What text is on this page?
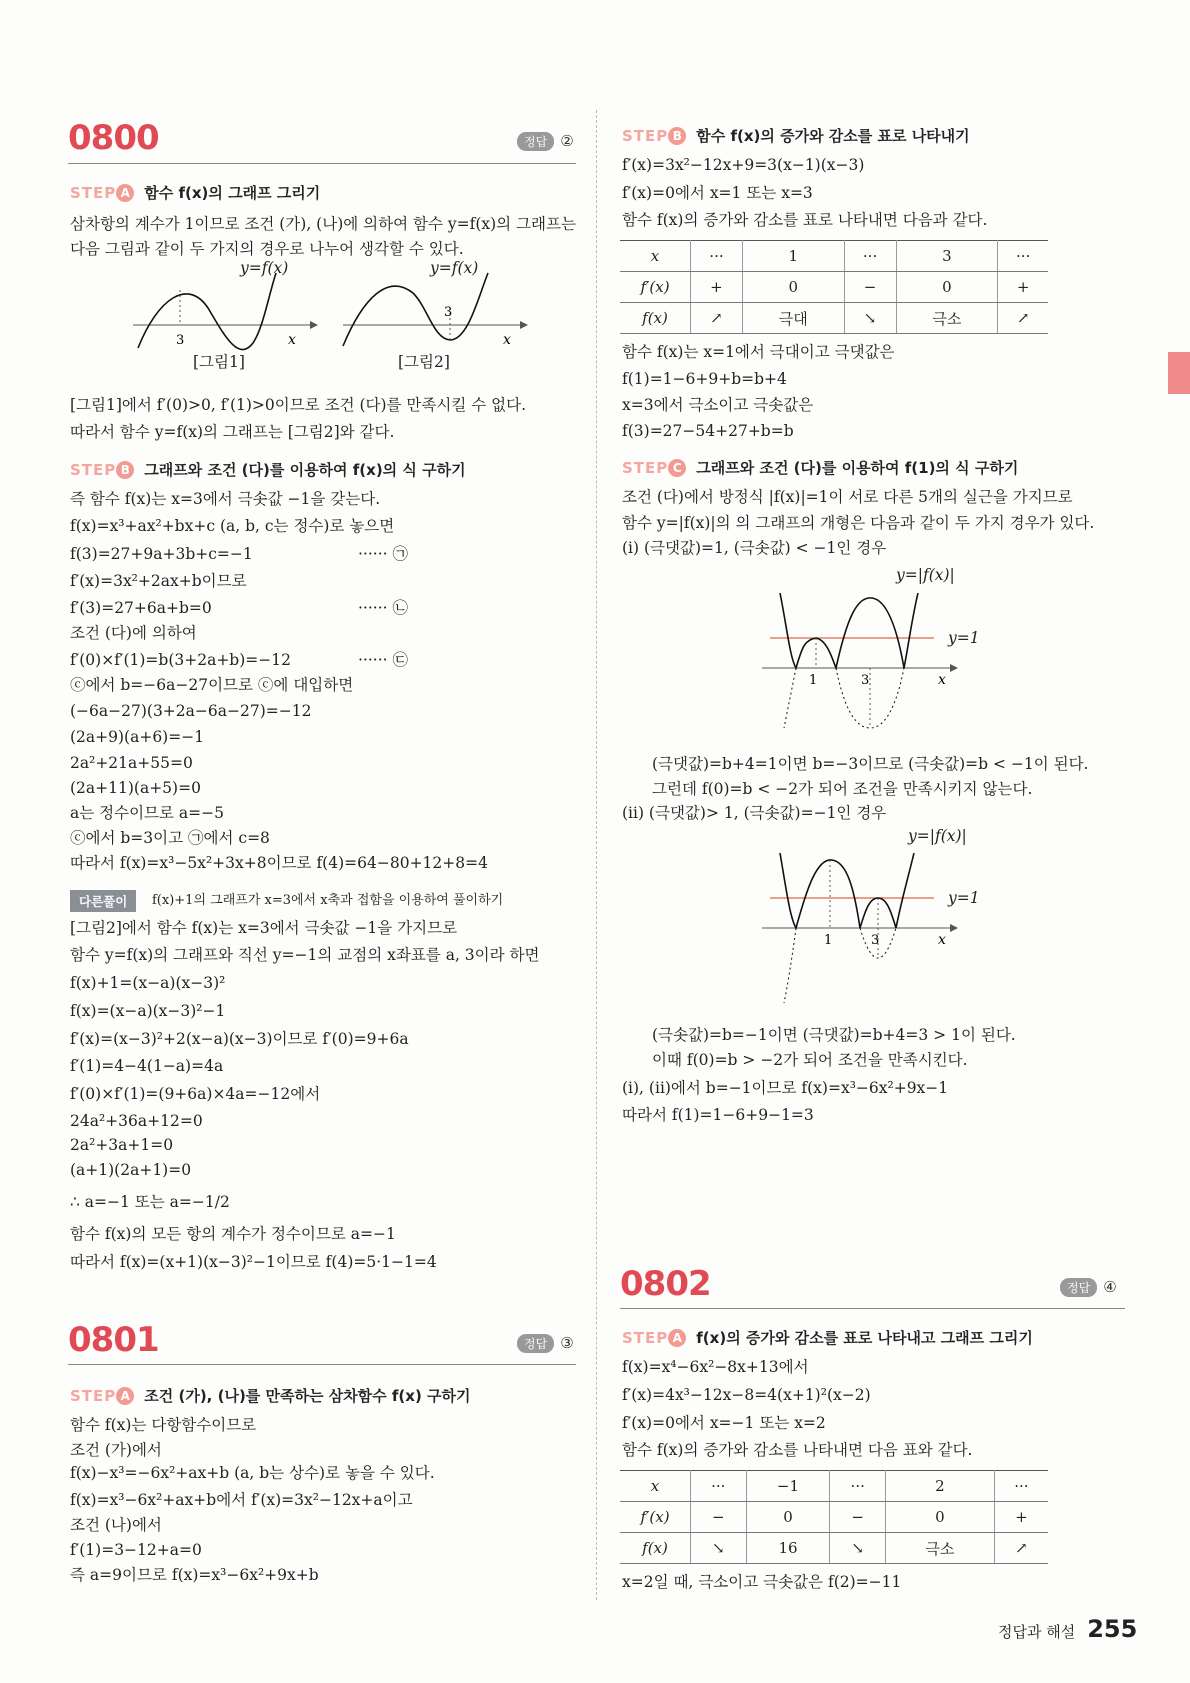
0800	정답 ②
STEP A 함수 f(x)의 그래프 그리기
삼차항의 계수가 1이므로 조건 (가), (나)에 의하여 함수 y=f(x)의 그래프는
다음 그림과 같이 두 가지의 경우로 나누어 생각할 수 있다.
3	x
y=f(x)
[그림1]
3
x
y=f(x)
[그림2]
[그림1]에서 f′(0)>0, f′(1)>0이므로 조건 (다)를 만족시킬 수 없다.
따라서 함수 y=f(x)의 그래프는 [그림2]와 같다.
STEP B 그래프와 조건 (다)를 이용하여 f(x)의 식 구하기
즉 함수 f(x)는 x=3에서 극솟값 −1을 갖는다.
f(x)=x³+ax²+bx+c (a, b, c는 정수)로 놓으면
f(3)=27+9a+3b+c=−1	······ ㉠
f′(x)=3x²+2ax+b이므로
f′(3)=27+6a+b=0	······ ㉡
조건 (다)에 의하여
f′(0)×f′(1)=b(3+2a+b)=−12	······ ㉢
ⓒ에서 b=−6a−27이므로 ⓒ에 대입하면
(−6a−27)(3+2a−6a−27)=−12
(2a+9)(a+6)=−1
2a²+21a+55=0
(2a+11)(a+5)=0
a는 정수이므로 a=−5
ⓒ에서 b=3이고 ㉠에서 c=8
따라서 f(x)=x³−5x²+3x+8이므로 f(4)=64−80+12+8=4
다른풀이	f(x)+1의 그래프가 x=3에서 x축과 접함을 이용하여 풀이하기
[그림2]에서 함수 f(x)는 x=3에서 극솟값 −1을 가지므로
함수 y=f(x)의 그래프와 직선 y=−1의 교점의 x좌표를 a, 3이라 하면
f(x)+1=(x−a)(x−3)²
f(x)=(x−a)(x−3)²−1
f′(x)=(x−3)²+2(x−a)(x−3)이므로 f′(0)=9+6a
f′(1)=4−4(1−a)=4a
f′(0)×f′(1)=(9+6a)×4a=−12에서
24a²+36a+12=0
2a²+3a+1=0
(a+1)(2a+1)=0
∴ a=−1 또는 a=−1/2
함수 f(x)의 모든 항의 계수가 정수이므로 a=−1
따라서 f(x)=(x+1)(x−3)²−1이므로 f(4)=5·1−1=4
0801	정답 ③
STEP A 조건 (가), (나)를 만족하는 삼차함수 f(x) 구하기
함수 f(x)는 다항함수이므로
조건 (가)에서
f(x)−x³=−6x²+ax+b (a, b는 상수)로 놓을 수 있다.
f(x)=x³−6x²+ax+b에서 f′(x)=3x²−12x+a이고
조건 (나)에서
f′(1)=3−12+a=0
즉 a=9이므로 f(x)=x³−6x²+9x+b
STEP B 함수 f(x)의 증가와 감소를 표로 나타내기
f′(x)=3x²−12x+9=3(x−1)(x−3)
f′(x)=0에서 x=1 또는 x=3
함수 f(x)의 증가와 감소를 표로 나타내면 다음과 같다.
x	···	1	···	3	···
f′(x)	+	0	−	0	+
f(x)	↗	극대	↘	극소	↗
함수 f(x)는 x=1에서 극대이고 극댓값은
f(1)=1−6+9+b=b+4
x=3에서 극소이고 극솟값은
f(3)=27−54+27+b=b
STEP C 그래프와 조건 (다)를 이용하여 f(1)의 식 구하기
조건 (다)에서 방정식 |f(x)|=1이 서로 다른 5개의 실근을 가지므로
함수 y=|f(x)|의 의 그래프의 개형은 다음과 같이 두 가지 경우가 있다.
(ⅰ) (극댓값)=1, (극솟값) < −1인 경우
1	3	x
y=|f(x)|
y=1
(극댓값)=b+4=1이면 b=−3이므로 (극솟값)=b < −1이 된다.
그런데 f(0)=b < −2가 되어 조건을 만족시키지 않는다.
(ⅱ) (극댓값)> 1, (극솟값)=−1인 경우
1	3	x
y=|f(x)|
y=1
(극솟값)=b=−1이면 (극댓값)=b+4=3 > 1이 된다.
이때 f(0)=b > −2가 되어 조건을 만족시킨다.
(ⅰ), (ⅱ)에서 b=−1이므로 f(x)=x³−6x²+9x−1
따라서 f(1)=1−6+9−1=3
0802	정답 ④
STEP A f(x)의 증가와 감소를 표로 나타내고 그래프 그리기
f(x)=x⁴−6x²−8x+13에서
f′(x)=4x³−12x−8=4(x+1)²(x−2)
f′(x)=0에서 x=−1 또는 x=2
함수 f(x)의 증가와 감소를 나타내면 다음 표와 같다.
x	···	−1	···	2	···
f′(x)	−	0	−	0	+
f(x)	↘	16	↘	극소	↗
x=2일 때, 극소이고 극솟값은 f(2)=−11
정답과 해설 255
